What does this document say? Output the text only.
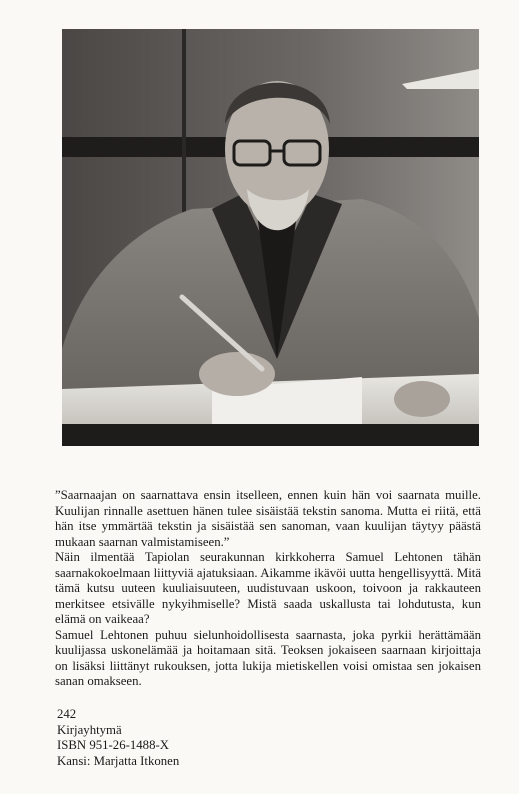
”Saarnaajan on saarnattava ensin itselleen, ennen kuin hän voi saarnata muille. Kuulijan rinnalle asettuen hänen tulee sisäistää tekstin sanoma. Mutta ei riitä, että hän itse ymmärtää tekstin ja sisäistää sen sanoman, vaan kuulijan täytyy päästä mukaan saarnan valmistamiseen.”

Näin ilmentää Tapiolan seurakunnan kirkkoherra Samuel Lehtonen tähän saarnakokoelmaan liittyviä ajatuksiaan. Aikamme ikävöi uutta hengellisyyttä. Mitä tämä kutsu uuteen kuuliaisuuteen, uudistuvaan uskoon, toivoon ja rakkauteen merkitsee etsivälle nykyihmiselle? Mistä saada uskallusta tai lohdutusta, kun elämä on vaikeaa?

Samuel Lehtonen puhuu sielunhoidollisesta saarnasta, joka pyrkii herättämään kuulijassa uskonelämää ja hoitamaan sitä. Teoksen jokaiseen saarnaan kirjoittaja on lisäksi liittänyt rukouksen, jotta lukija mietiskellen voisi omistaa sen jokaisen sanan omakseen.

242
Kirjayhtymä
ISBN 951-26-1488-X
Kansi: Marjatta Itkonen
